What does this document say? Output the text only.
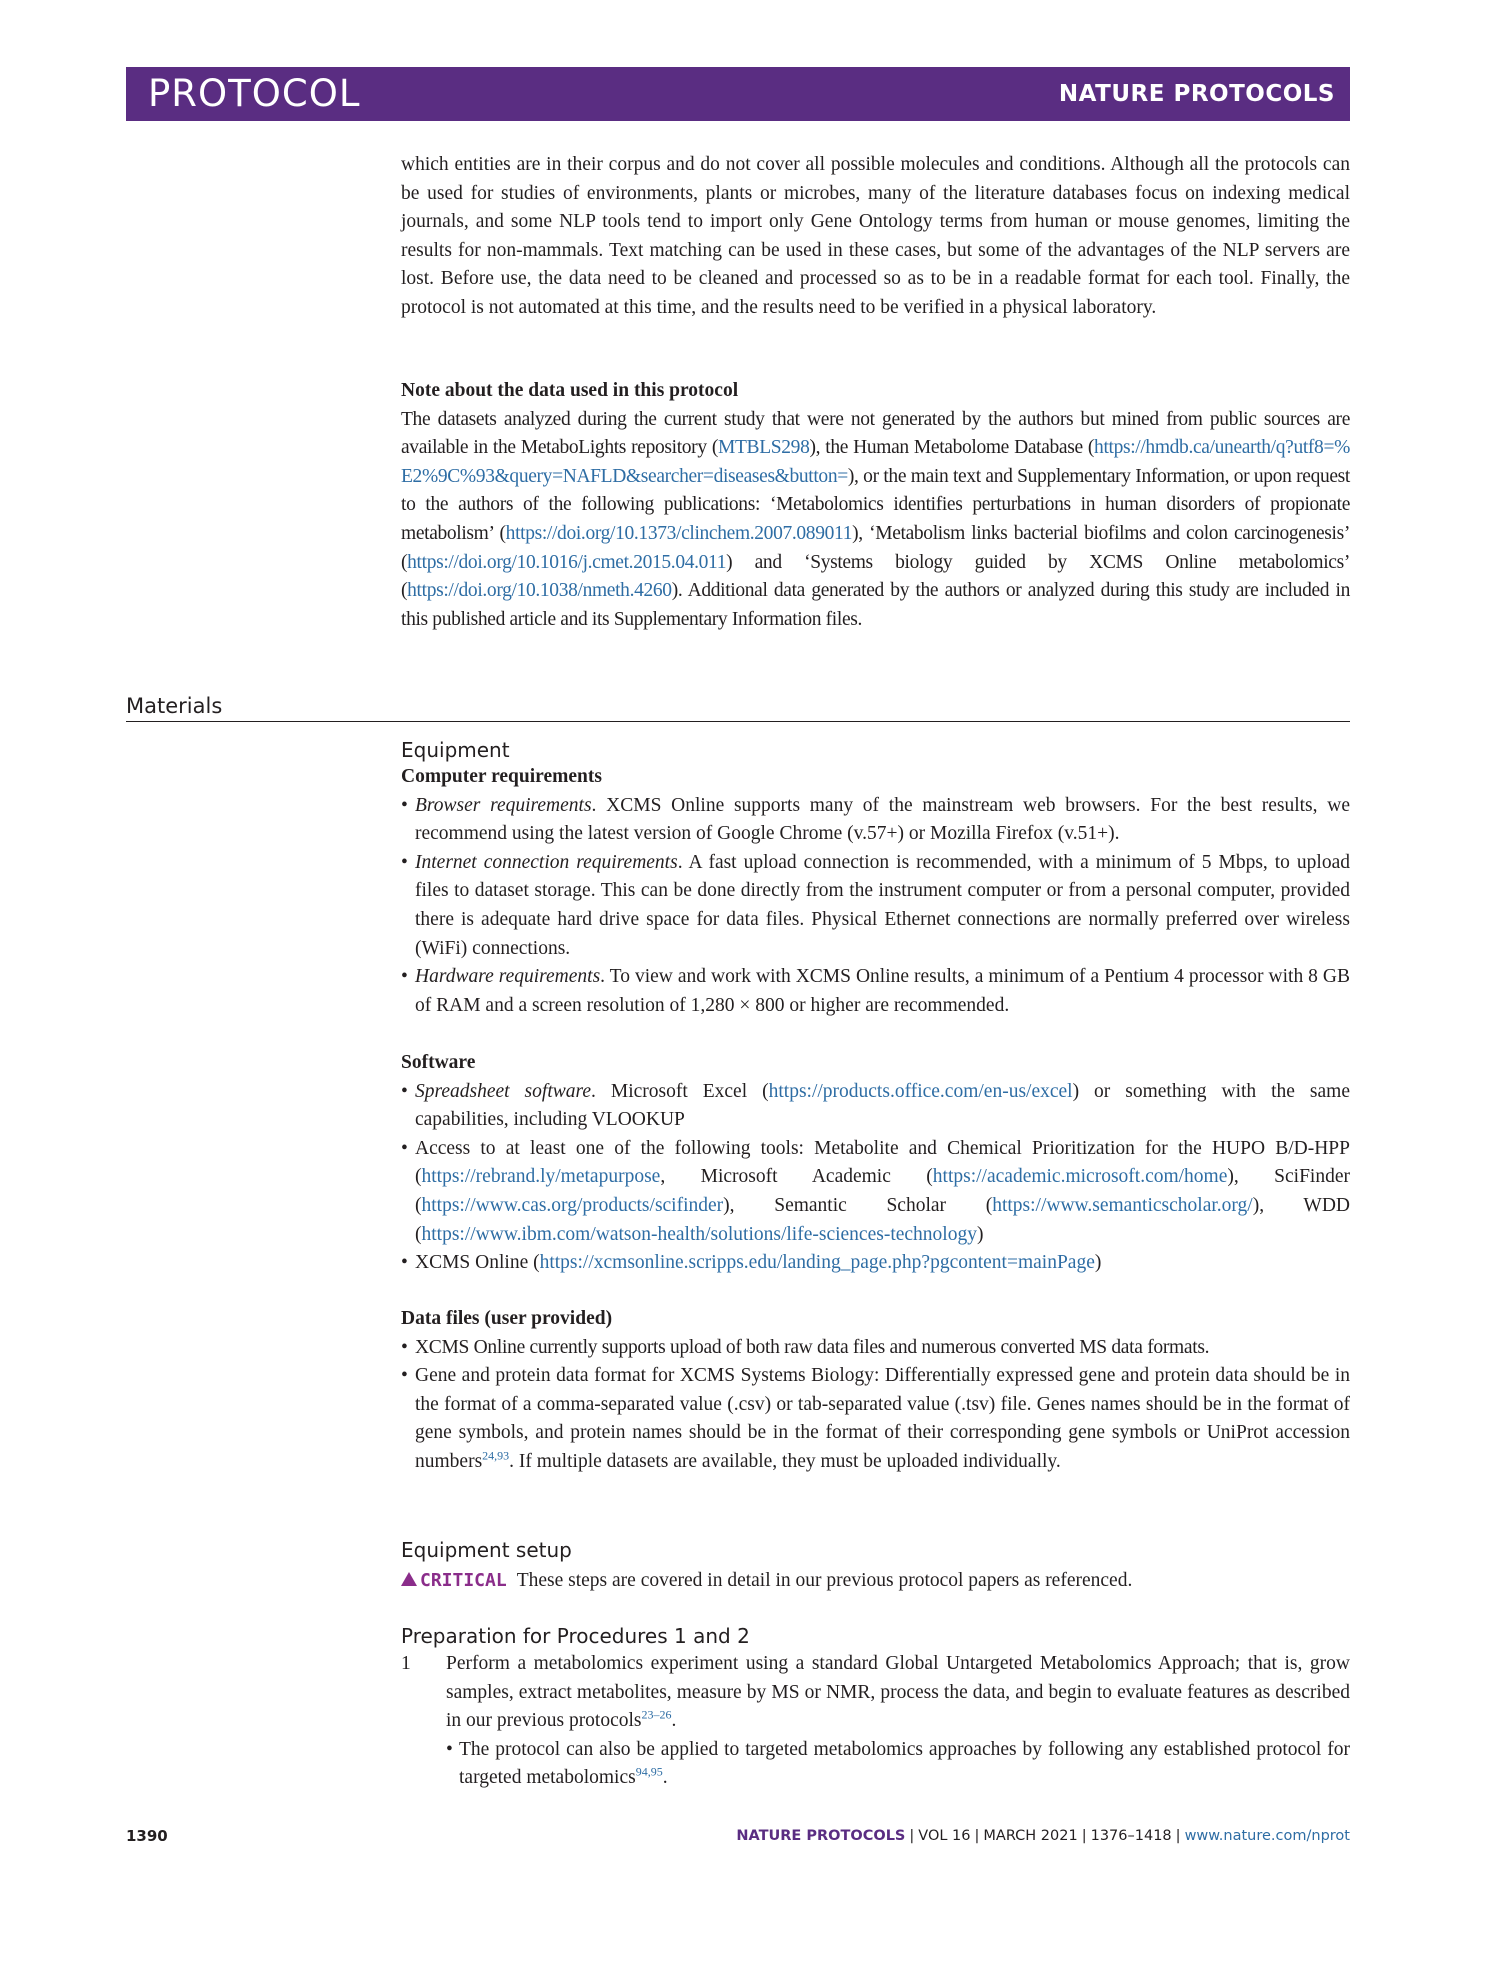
PROTOCOL	NATURE PROTOCOLS

which entities are in their corpus and do not cover all possible molecules and conditions. Although all the protocols can be used for studies of environments, plants or microbes, many of the literature databases focus on indexing medical journals, and some NLP tools tend to import only Gene Ontology terms from human or mouse genomes, limiting the results for non-mammals. Text matching can be used in these cases, but some of the advantages of the NLP servers are lost. Before use, the data need to be cleaned and processed so as to be in a readable format for each tool. Finally, the protocol is not automated at this time, and the results need to be verified in a physical laboratory.

Note about the data used in this protocol

The datasets analyzed during the current study that were not generated by the authors but mined from public sources are available in the MetaboLights repository (MTBLS298), the Human Metabolome Database (https://hmdb.ca/unearth/q?utf8=%E2%9C%93&query=NAFLD&searcher=diseases&button=), or the main text and Supplementary Information, or upon request to the authors of the following publications: ‘Metabolomics identifies perturbations in human disorders of propionate metabolism’ (https://doi.org/10.1373/clinchem.2007.089011), ‘Metabolism links bacterial biofilms and colon carcinogenesis’ (https://doi.org/10.1016/j.cmet.2015.04.011) and ‘Systems biology guided by XCMS Online metabolomics’ (https://doi.org/10.1038/nmeth.4260). Additional data generated by the authors or analyzed during this study are included in this published article and its Supplementary Information files.

Materials

Equipment

Computer requirements

• Browser requirements. XCMS Online supports many of the mainstream web browsers. For the best results, we recommend using the latest version of Google Chrome (v.57+) or Mozilla Firefox (v.51+).

• Internet connection requirements. A fast upload connection is recommended, with a minimum of 5 Mbps, to upload files to dataset storage. This can be done directly from the instrument computer or from a personal computer, provided there is adequate hard drive space for data files. Physical Ethernet connections are normally preferred over wireless (WiFi) connections.

• Hardware requirements. To view and work with XCMS Online results, a minimum of a Pentium 4 processor with 8 GB of RAM and a screen resolution of 1,280 × 800 or higher are recommended.

Software

• Spreadsheet software. Microsoft Excel (https://products.office.com/en-us/excel) or something with the same capabilities, including VLOOKUP

• Access to at least one of the following tools: Metabolite and Chemical Prioritization for the HUPO B/D-HPP (https://rebrand.ly/metapurpose, Microsoft Academic (https://academic.microsoft.com/home), SciFinder (https://www.cas.org/products/scifinder), Semantic Scholar (https://www.semanticscholar.org/), WDD (https://www.ibm.com/watson-health/solutions/life-sciences-technology)

• XCMS Online (https://xcmsonline.scripps.edu/landing_page.php?pgcontent=mainPage)

Data files (user provided)

• XCMS Online currently supports upload of both raw data files and numerous converted MS data formats.

• Gene and protein data format for XCMS Systems Biology: Differentially expressed gene and protein data should be in the format of a comma-separated value (.csv) or tab-separated value (.tsv) file. Genes names should be in the format of gene symbols, and protein names should be in the format of their corresponding gene symbols or UniProt accession numbers$^{24,93}$. If multiple datasets are available, they must be uploaded individually.

Equipment setup

CRITICAL These steps are covered in detail in our previous protocol papers as referenced.

Preparation for Procedures 1 and 2

1 Perform a metabolomics experiment using a standard Global Untargeted Metabolomics Approach; that is, grow samples, extract metabolites, measure by MS or NMR, process the data, and begin to evaluate features as described in our previous protocols$^{23-26}$.

• The protocol can also be applied to targeted metabolomics approaches by following any established protocol for targeted metabolomics$^{94,95}$.

1390	NATURE PROTOCOLS | VOL 16 | MARCH 2021 | 1376–1418 | www.nature.com/nprot
